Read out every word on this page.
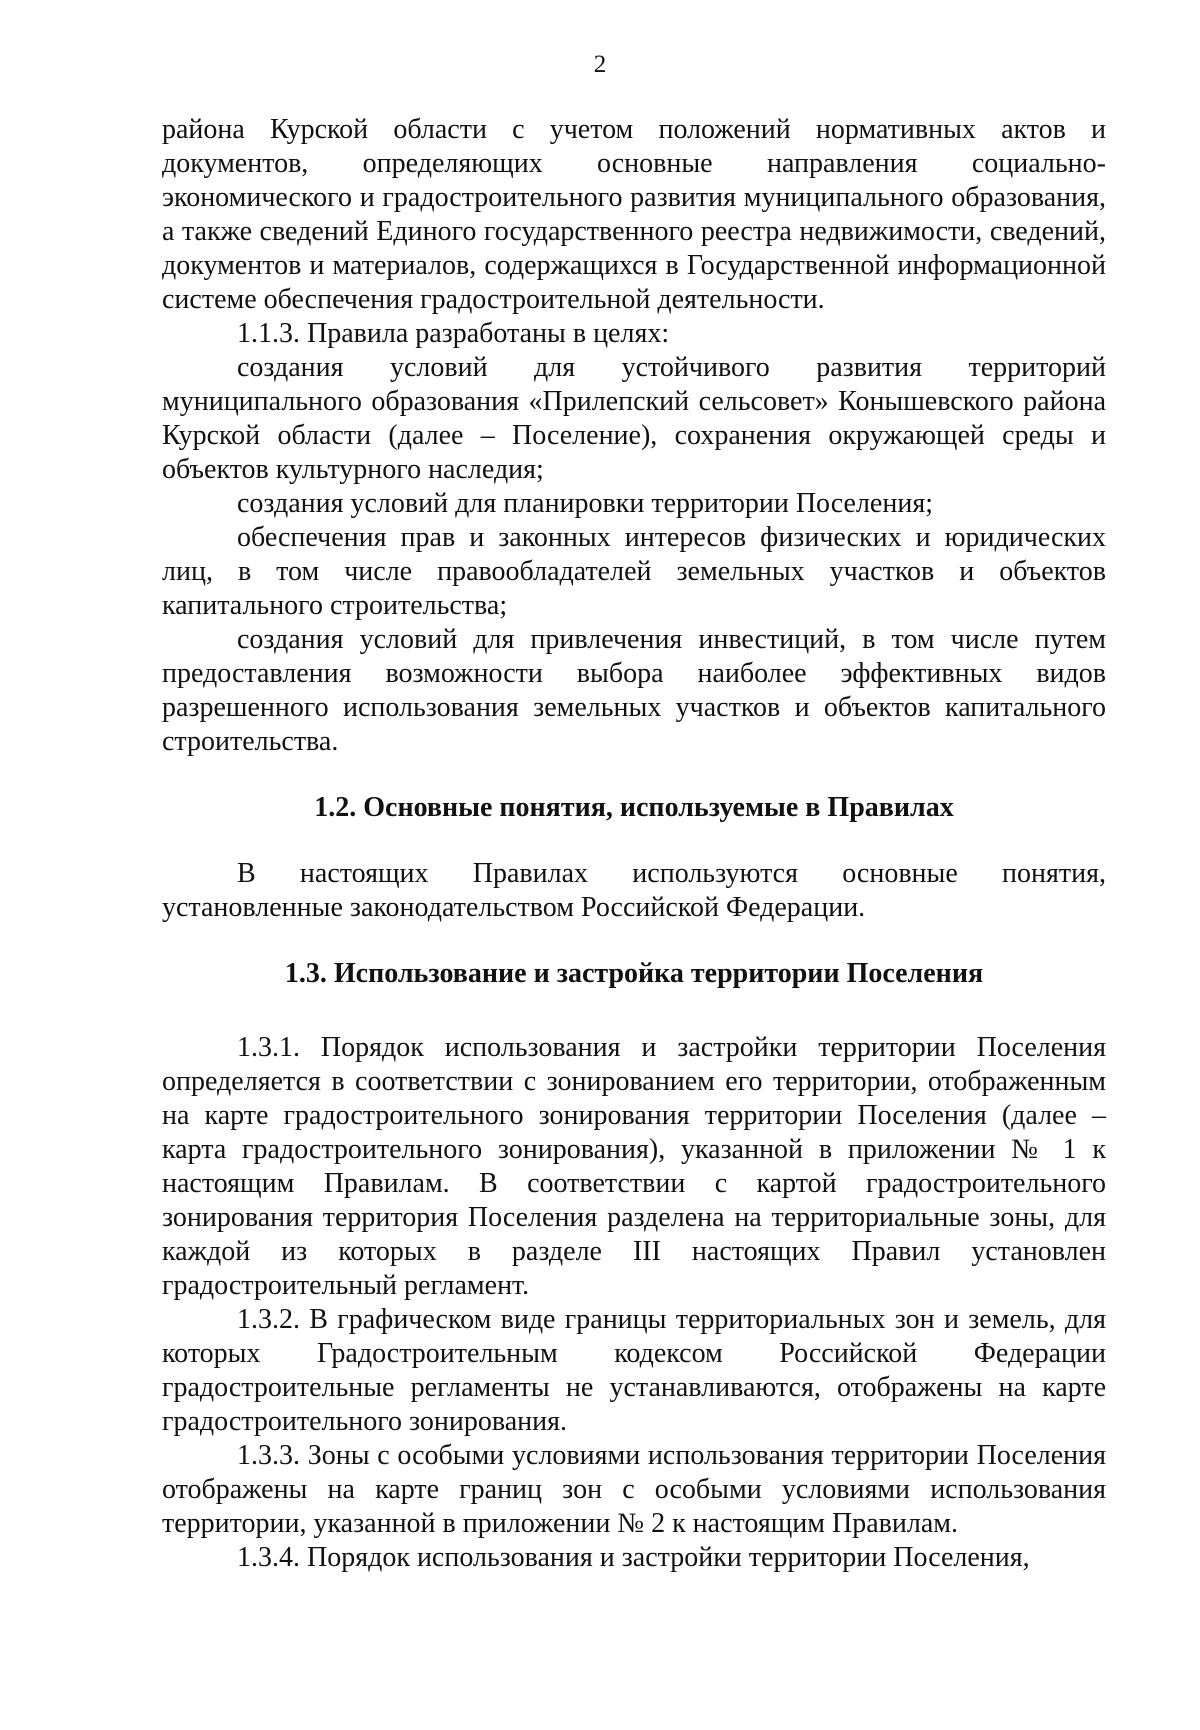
2

района Курской области с учетом положений нормативных актов и документов, определяющих основные направления социально-экономического и градостроительного развития муниципального образования, а также сведений Единого государственного реестра недвижимости, сведений, документов и материалов, содержащихся в Государственной информационной системе обеспечения градостроительной деятельности.

1.1.3. Правила разработаны в целях:

создания условий для устойчивого развития территорий муниципального образования «Прилепский сельсовет» Конышевского района Курской области (далее – Поселение), сохранения окружающей среды и объектов культурного наследия;

создания условий для планировки территории Поселения;

обеспечения прав и законных интересов физических и юридических лиц, в том числе правообладателей земельных участков и объектов капитального строительства;

создания условий для привлечения инвестиций, в том числе путем предоставления возможности выбора наиболее эффективных видов разрешенного использования земельных участков и объектов капитального строительства.

1.2. Основные понятия, используемые в Правилах

В настоящих Правилах используются основные понятия, установленные законодательством Российской Федерации.

1.3. Использование и застройка территории Поселения

1.3.1. Порядок использования и застройки территории Поселения определяется в соответствии с зонированием его территории, отображенным на карте градостроительного зонирования территории Поселения (далее – карта градостроительного зонирования), указанной в приложении № 1 к настоящим Правилам. В соответствии с картой градостроительного зонирования территория Поселения разделена на территориальные зоны, для каждой из которых в разделе III настоящих Правил установлен градостроительный регламент.

1.3.2. В графическом виде границы территориальных зон и земель, для которых Градостроительным кодексом Российской Федерации градостроительные регламенты не устанавливаются, отображены на карте градостроительного зонирования.

1.3.3. Зоны с особыми условиями использования территории Поселения отображены на карте границ зон с особыми условиями использования территории, указанной в приложении № 2 к настоящим Правилам.

1.3.4. Порядок использования и застройки территории Поселения,
